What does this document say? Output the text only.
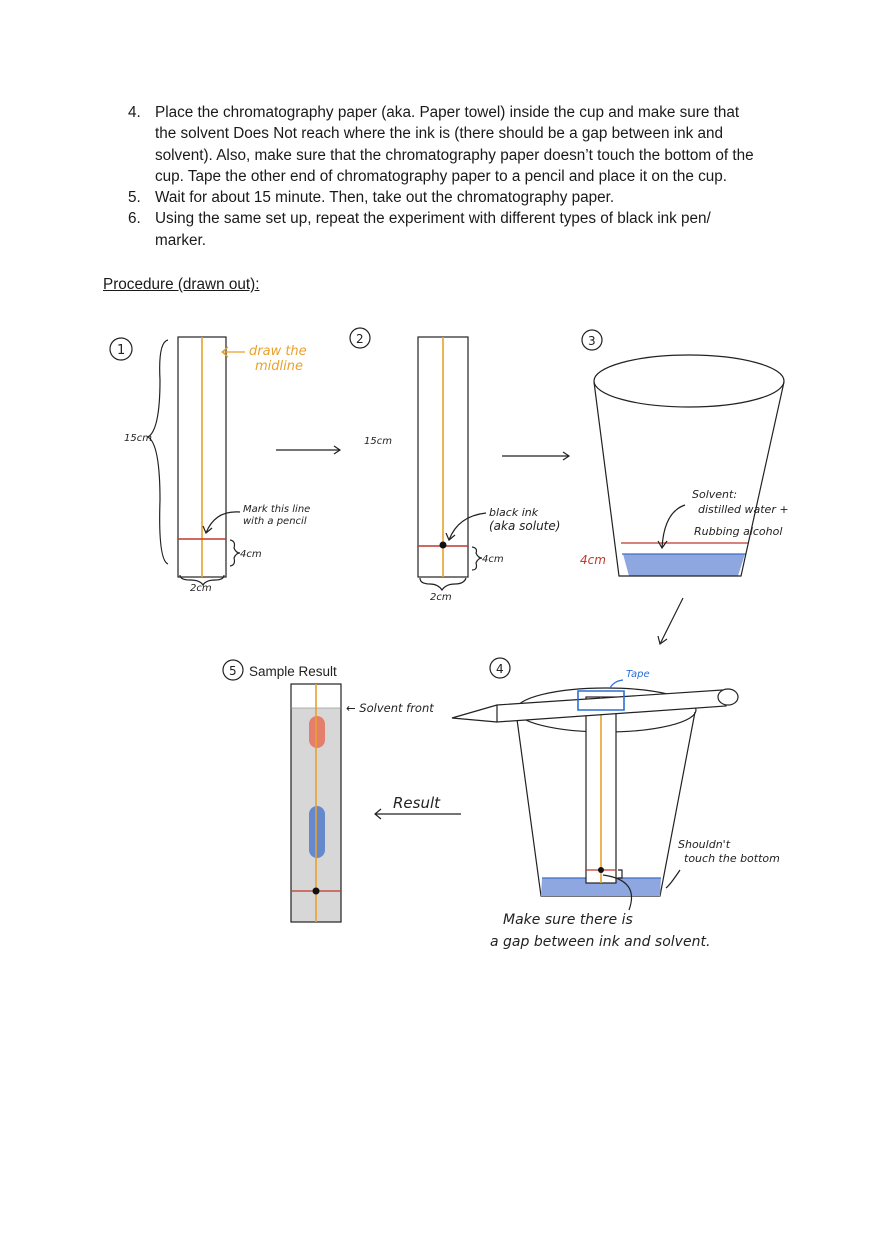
4. Place the chromatography paper (aka. Paper towel) inside the cup and make sure that
the solvent Does Not reach where the ink is (there should be a gap between ink and
solvent). Also, make sure that the chromatography paper doesn’t touch the bottom of the
cup. Tape the other end of chromatography paper to a pencil and place it on the cup.
5. Wait for about 15 minute. Then, take out the chromatography paper.
6. Using the same set up, repeat the experiment with different types of black ink pen/
marker.
Procedure (drawn out):
1
2	3
4
5
15cm
draw the
midline
Mark this line
with a pencil
4cm
2cm
15cm
black ink
(aka solute)
4cm
2cm
Solvent:
distilled water +
Rubbing alcohol
4cm
Tape
Shouldn't
touch the bottom
Make sure there is
a gap between ink and solvent.
Sample Result
← Solvent front
Result
